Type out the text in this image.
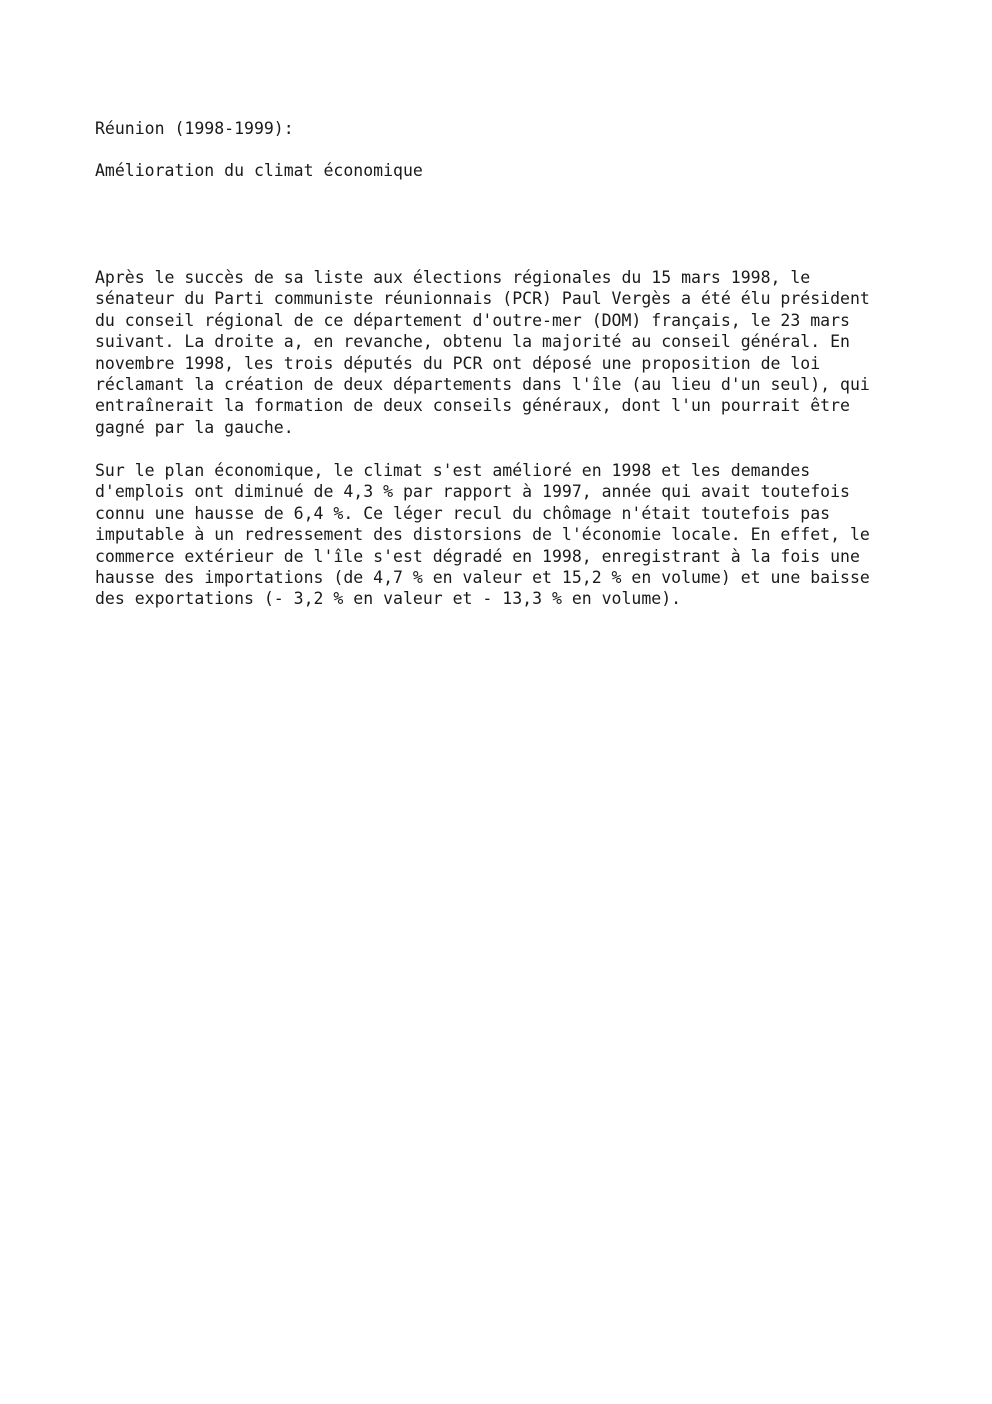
Réunion (1998-1999):

Amélioration du climat économique

Après le succès de sa liste aux élections régionales du 15 mars 1998, le
sénateur du Parti communiste réunionnais (PCR) Paul Vergès a été élu président
du conseil régional de ce département d'outre-mer (DOM) français, le 23 mars
suivant. La droite a, en revanche, obtenu la majorité au conseil général. En
novembre 1998, les trois députés du PCR ont déposé une proposition de loi
réclamant la création de deux départements dans l'île (au lieu d'un seul), qui
entraînerait la formation de deux conseils généraux, dont l'un pourrait être
gagné par la gauche.
Sur le plan économique, le climat s'est amélioré en 1998 et les demandes
d'emplois ont diminué de 4,3 % par rapport à 1997, année qui avait toutefois
connu une hausse de 6,4 %. Ce léger recul du chômage n'était toutefois pas
imputable à un redressement des distorsions de l'économie locale. En effet, le
commerce extérieur de l'île s'est dégradé en 1998, enregistrant à la fois une
hausse des importations (de 4,7 % en valeur et 15,2 % en volume) et une baisse
des exportations (- 3,2 % en valeur et - 13,3 % en volume).
